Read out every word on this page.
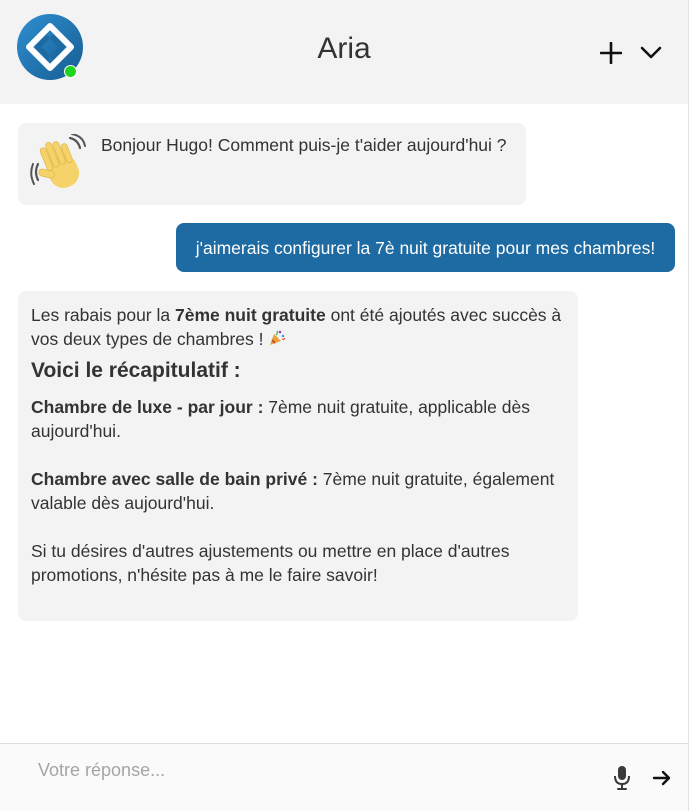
Aria
Bonjour Hugo! Comment puis-je t'aider aujourd'hui ?
j'aimerais configurer la 7è nuit gratuite pour mes chambres!

Les rabais pour la 7ème nuit gratuite ont été ajoutés avec succès à vos deux types de chambres !

Voici le récapitulatif :

Chambre de luxe - par jour : 7ème nuit gratuite, applicable dès aujourd'hui.

Chambre avec salle de bain privé : 7ème nuit gratuite, également valable dès aujourd'hui.

Si tu désires d'autres ajustements ou mettre en place d'autres promotions, n'hésite pas à me le faire savoir!

Votre réponse...
